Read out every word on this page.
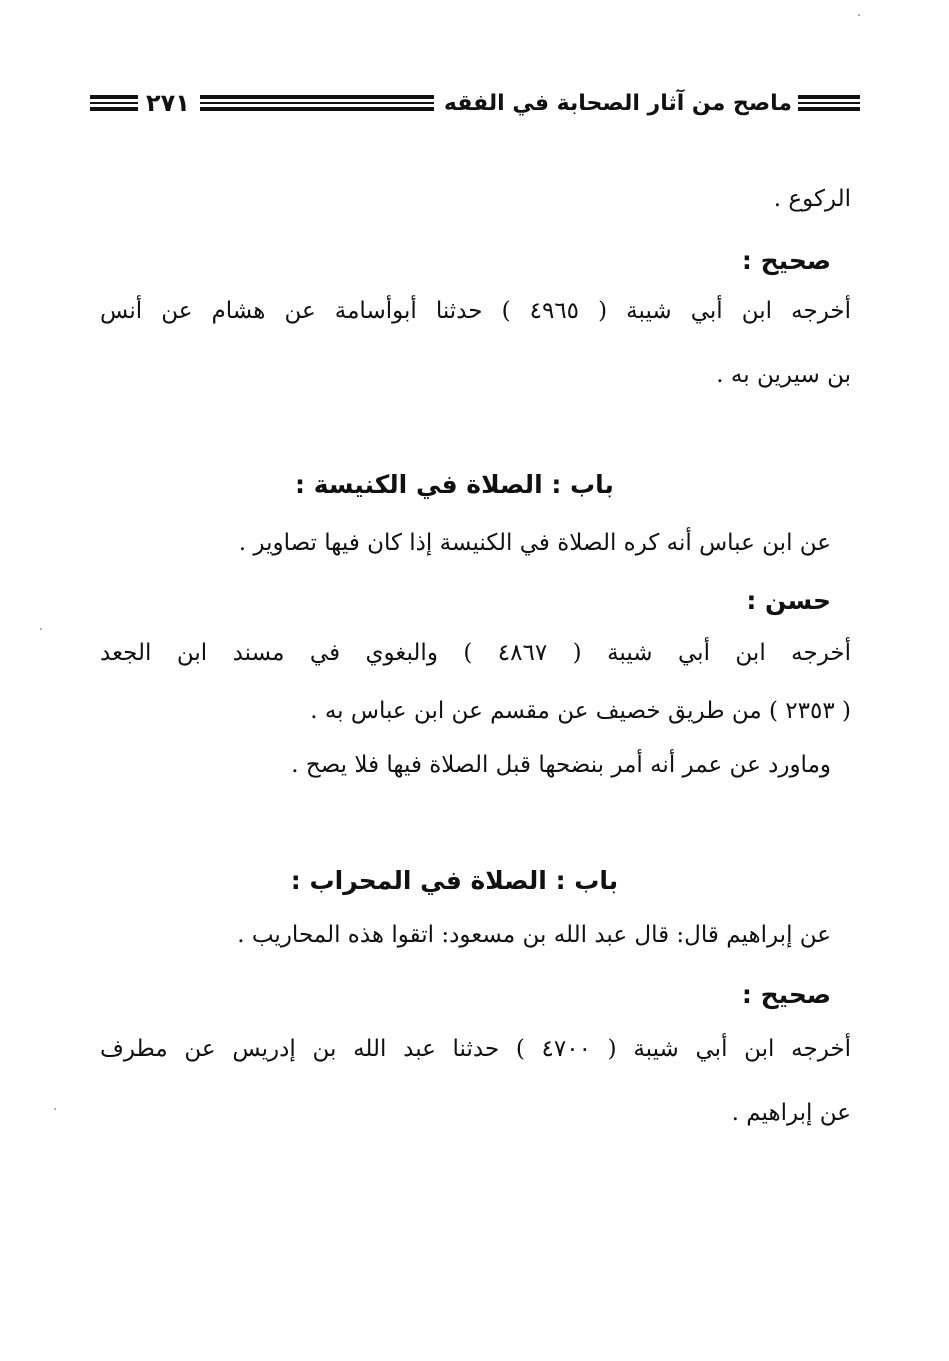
٢٧١	ماصح من آثار الصحابة في الفقه
الركوع .
صحيح :
أخرجه ابن أبي شيبة ( ٤٩٦٥ ) حدثنا أبوأسامة عن هشام عن أنس
بن سيرين به .
باب : الصلاة في الكنيسة :
عن ابن عباس أنه كره الصلاة في الكنيسة إذا كان فيها تصاوير .
حسن :
أخرجه ابن أبي شيبة ( ٤٨٦٧ ) والبغوي في مسند ابن الجعد
( ٢٣٥٣ ) من طريق خصيف عن مقسم عن ابن عباس به .
وماورد عن عمر أنه أمر بنضحها قبل الصلاة فيها فلا يصح .
باب : الصلاة في المحراب :
عن إبراهيم قال: قال عبد الله بن مسعود: اتقوا هذه المحاريب .
صحيح :
أخرجه ابن أبي شيبة ( ٤٧٠٠ ) حدثنا عبد الله بن إدريس عن مطرف
عن إبراهيم .
